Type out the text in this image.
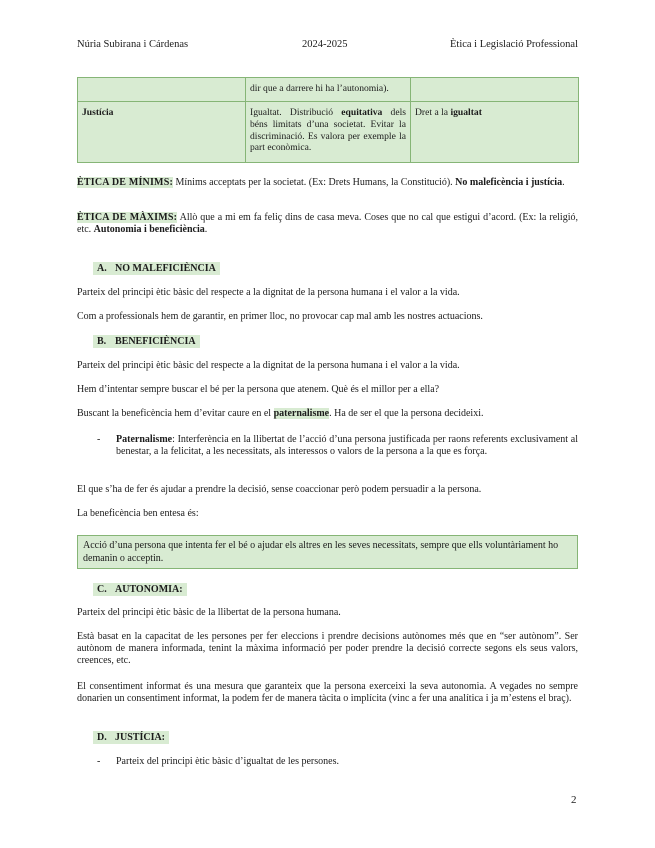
Núria Subirana i Cárdenas	2024-2025	Ètica i Legislació Professional
	dir que a darrere hi ha l’autonomia).	
Justícia	Igualtat. Distribució equitativa dels béns limitats d’una societat. Evitar la discriminació. Es valora per exemple la part econòmica.	Dret a la igualtat
ÈTICA DE MÍNIMS: Mínims acceptats per la societat. (Ex: Drets Humans, la Constitució). No maleficència i justícia.
ÈTICA DE MÀXIMS: Allò que a mi em fa feliç dins de casa meva. Coses que no cal que estigui d’acord. (Ex: la religió, etc. Autonomia i beneficiència.
A. NO MALEFICIÈNCIA
Parteix del principi ètic bàsic del respecte a la dignitat de la persona humana i el valor a la vida.
Com a professionals hem de garantir, en primer lloc, no provocar cap mal amb les nostres actuacions.
B. BENEFICIÈNCIA
Parteix del principi ètic bàsic del respecte a la dignitat de la persona humana i el valor a la vida.
Hem d’intentar sempre buscar el bé per la persona que atenem. Què és el millor per a ella?
Buscant la beneficència hem d’evitar caure en el paternalisme. Ha de ser el que la persona decideixi.
- Paternalisme: Interferència en la llibertat de l’acció d’una persona justificada per raons referents exclusivament al benestar, a la felicitat, a les necessitats, als interessos o valors de la persona a la que es força.
El que s’ha de fer és ajudar a prendre la decisió, sense coaccionar però podem persuadir a la persona.
La beneficència ben entesa és:
Acció d’una persona que intenta fer el bé o ajudar els altres en les seves necessitats, sempre que ells voluntàriament ho demanin o acceptin.
C. AUTONOMIA:
Parteix del principi ètic bàsic de la llibertat de la persona humana.
Està basat en la capacitat de les persones per fer eleccions i prendre decisions autònomes més que en “ser autònom”. Ser autònom de manera informada, tenint la màxima informació per poder prendre la decisió correcte segons els seus valors, creences, etc.
El consentiment informat és una mesura que garanteix que la persona exerceixi la seva autonomia. A vegades no sempre donarien un consentiment informat, la podem fer de manera tàcita o implícita (vinc a fer una analítica i ja m’estens el braç).
D. JUSTÍCIA:
- Parteix del principi ètic bàsic d’igualtat de les persones.
2
